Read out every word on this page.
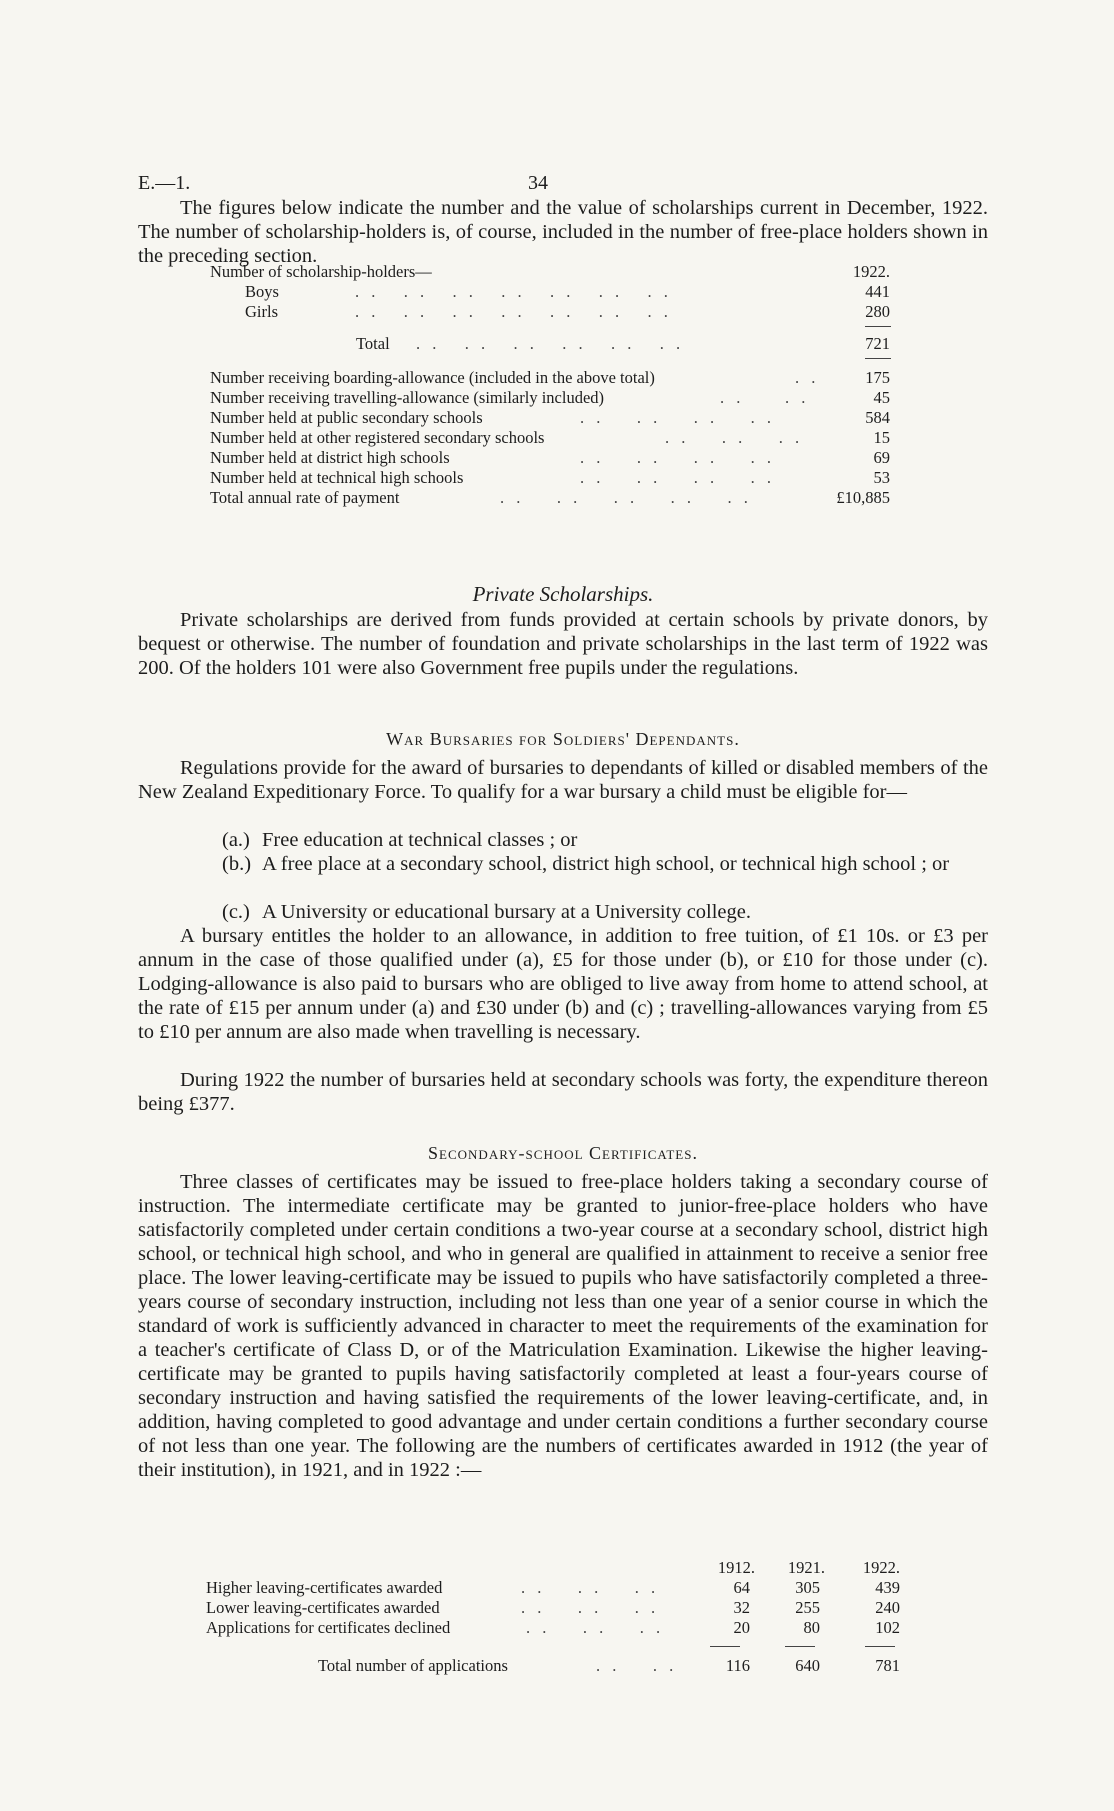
E.—1.	34

The figures below indicate the number and the value of scholarships current in December, 1922. The number of scholarship-holders is, of course, included in the number of free-place holders shown in the preceding section.

Number of scholarship-holders—	1922.
Boys	. .   . .   . .   . .   . .   . .   . .	441
Girls	. .   . .   . .   . .   . .   . .   . .	280
Total . .   . .   . .   . .   . .   . .	721
Number receiving boarding-allowance (included in the above total)	. .	175
Number receiving travelling-allowance (similarly included)	. .     . .	45
Number held at public secondary schools	. .    . .    . .    . .	584
Number held at other registered secondary schools	. .    . .    . .	15
Number held at district high schools	. .    . .    . .    . .	69
Number held at technical high schools	. .    . .    . .    . .	53
Total annual rate of payment	. .    . .    . .    . .    . .	£10,885
Private Scholarships.

Private scholarships are derived from funds provided at certain schools by private donors, by bequest or otherwise. The number of foundation and private scholarships in the last term of 1922 was 200. Of the holders 101 were also Government free pupils under the regulations.

War Bursaries for Soldiers' Dependants.

Regulations provide for the award of bursaries to dependants of killed or disabled members of the New Zealand Expeditionary Force. To qualify for a war bursary a child must be eligible for—

(a.) Free education at technical classes ; or
(b.) A free place at a secondary school, district high school, or technical high school ; or
(c.) A University or educational bursary at a University college.

A bursary entitles the holder to an allowance, in addition to free tuition, of £1 10s. or £3 per annum in the case of those qualified under (a), £5 for those under (b), or £10 for those under (c). Lodging-allowance is also paid to bursars who are obliged to live away from home to attend school, at the rate of £15 per annum under (a) and £30 under (b) and (c) ; travelling-allowances varying from £5 to £10 per annum are also made when travelling is necessary.

During 1922 the number of bursaries held at secondary schools was forty, the expenditure thereon being £377.

Secondary-school Certificates.

Three classes of certificates may be issued to free-place holders taking a secondary course of instruction. The intermediate certificate may be granted to junior-free-place holders who have satisfactorily completed under certain conditions a two-year course at a secondary school, district high school, or technical high school, and who in general are qualified in attainment to receive a senior free place. The lower leaving-certificate may be issued to pupils who have satisfactorily completed a three-years course of secondary instruction, including not less than one year of a senior course in which the standard of work is sufficiently advanced in character to meet the requirements of the examination for a teacher's certificate of Class D, or of the Matriculation Examination. Likewise the higher leaving-certificate may be granted to pupils having satisfactorily completed at least a four-years course of secondary instruction and having satisfied the requirements of the lower leaving-certificate, and, in addition, having completed to good advantage and under certain conditions a further secondary course of not less than one year. The following are the numbers of certificates awarded in 1912 (the year of their institution), in 1921, and in 1922 :—

1912.	1921.	1922.
Higher leaving-certificates awarded	. .    . .    . .	64	305	439
Lower leaving-certificates awarded	. .    . .    . .	32	255	240
Applications for certificates declined	. .    . .    . .	20	80	102
Total number of applications	. .    . .	116	640	781
